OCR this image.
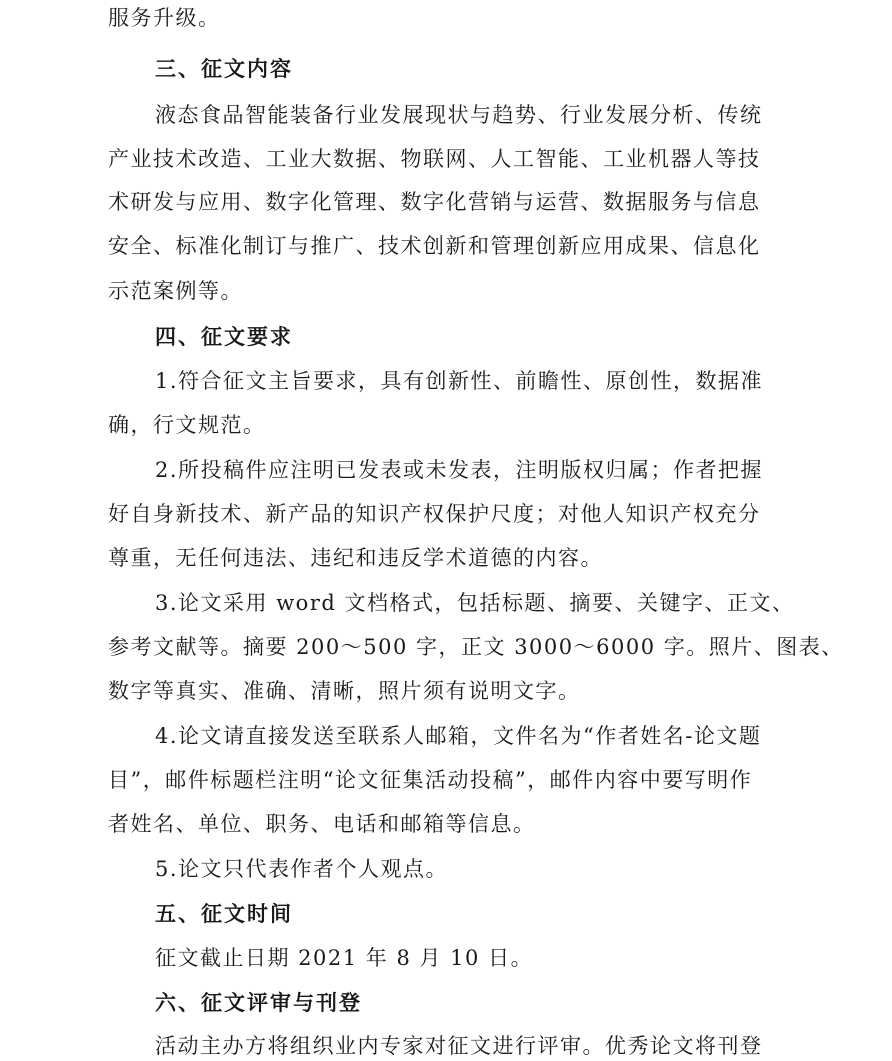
服务升级。
三、征文内容
液态食品智能装备行业发展现状与趋势、行业发展分析、传统
产业技术改造、工业大数据、物联网、人工智能、工业机器人等技
术研发与应用、数字化管理、数字化营销与运营、数据服务与信息
安全、标准化制订与推广、技术创新和管理创新应用成果、信息化
示范案例等。
四、征文要求
1.符合征文主旨要求，具有创新性、前瞻性、原创性，数据准
确，行文规范。
2.所投稿件应注明已发表或未发表，注明版权归属；作者把握
好自身新技术、新产品的知识产权保护尺度；对他人知识产权充分
尊重，无任何违法、违纪和违反学术道德的内容。
3.论文采用 word 文档格式，包括标题、摘要、关键字、正文、
参考文献等。摘要 200～500 字，正文 3000～6000 字。照片、图表、
数字等真实、准确、清晰，照片须有说明文字。
4.论文请直接发送至联系人邮箱，文件名为“作者姓名-论文题
目”，邮件标题栏注明“论文征集活动投稿”，邮件内容中要写明作
者姓名、单位、职务、电话和邮箱等信息。
5.论文只代表作者个人观点。
五、征文时间
征文截止日期 2021 年 8 月 10 日。
六、征文评审与刊登
活动主办方将组织业内专家对征文进行评审。优秀论文将刊登
